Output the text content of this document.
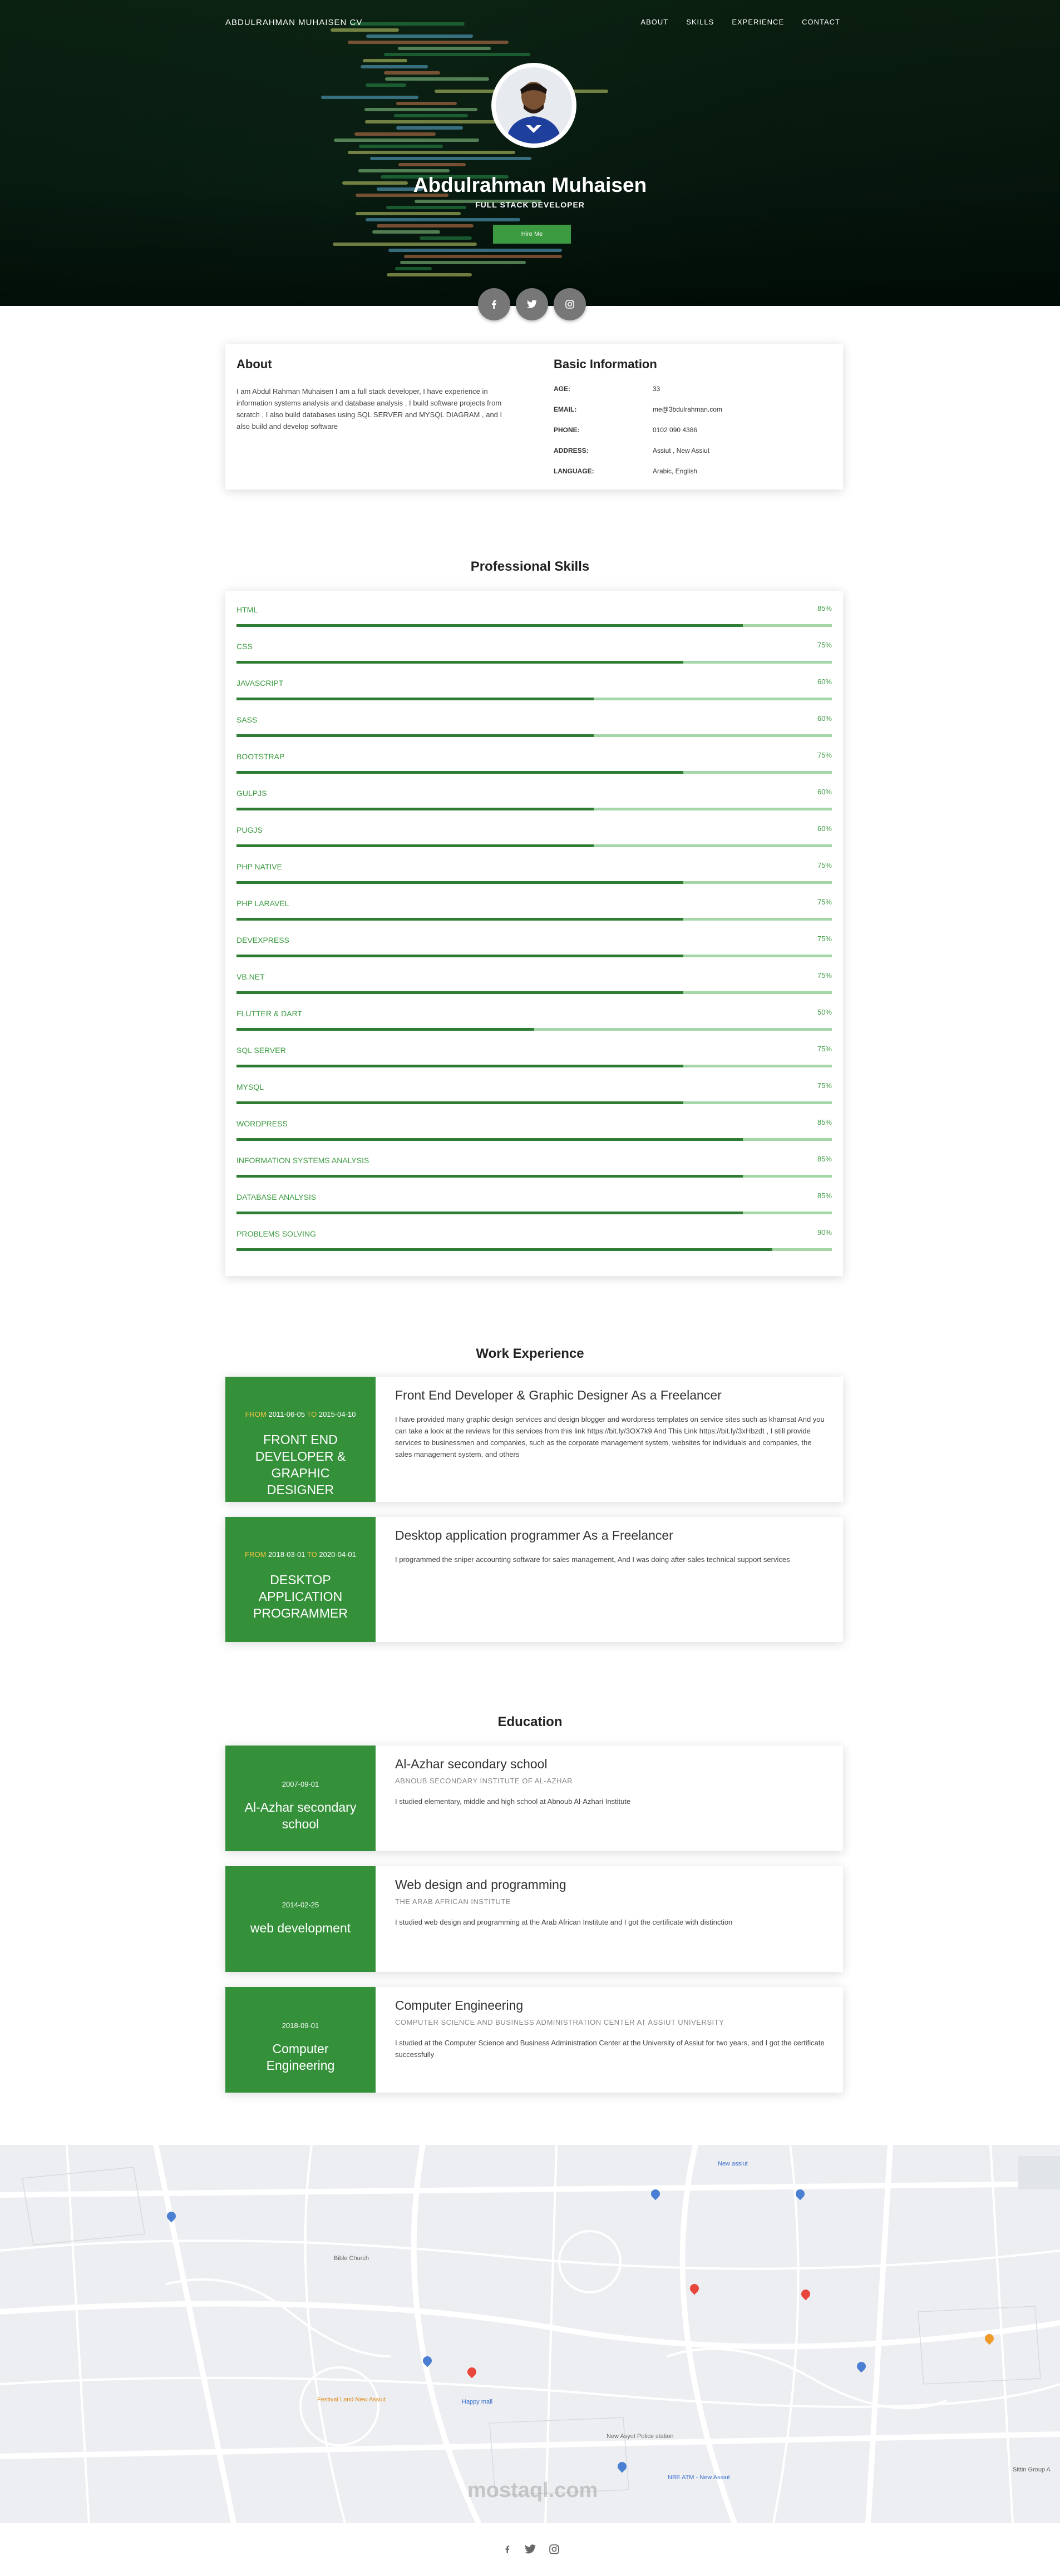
ABDULRAHMAN MUHAISEN CV	ABOUT SKILLS EXPERIENCE CONTACT
Abdulrahman Muhaisen
FULL STACK DEVELOPER
Hire Me
About
I am Abdul Rahman Muhaisen I am a full stack developer, I have experience in information systems analysis and database analysis , I build software projects from scratch , I also build databases using SQL SERVER and MYSQL DIAGRAM , and I also build and develop software
Basic Information
AGE:	33
EMAIL:	me@3bdulrahman.com
PHONE:	0102 090 4386
ADDRESS:	Assiut , New Assiut
LANGUAGE:	Arabic, English
Professional Skills
HTML	85%
CSS	75%
JAVASCRIPT	60%
SASS	60%
BOOTSTRAP	75%
GULPJS	60%
PUGJS	60%
PHP NATIVE	75%
PHP LARAVEL	75%
DEVEXPRESS	75%
VB.NET	75%
FLUTTER & DART	50%
SQL SERVER	75%
MYSQL	75%
WORDPRESS	85%
INFORMATION SYSTEMS ANALYSIS	85%
DATABASE ANALYSIS	85%
PROBLEMS SOLVING	90%
Work Experience
FROM 2011-06-05 TO 2015-04-10
FRONT END DEVELOPER & GRAPHIC DESIGNER
Front End Developer & Graphic Designer As a Freelancer
I have provided many graphic design services and design blogger and wordpress templates on service sites such as khamsat And you can take a look at the reviews for this services from this link https://bit.ly/3OX7k9 And This Link https://bit.ly/3xHbzdt , I still provide services to businessmen and companies, such as the corporate management system, websites for individuals and companies, the sales management system, and others
FROM 2018-03-01 TO 2020-04-01
DESKTOP APPLICATION PROGRAMMER
Desktop application programmer As a Freelancer
I programmed the sniper accounting software for sales management, And I was doing after-sales technical support services
Education
2007-09-01
Al-Azhar secondary school
Al-Azhar secondary school
ABNOUB SECONDARY INSTITUTE OF AL-AZHAR
I studied elementary, middle and high school at Abnoub Al-Azhari Institute
2014-02-25
web development
Web design and programming
THE ARAB AFRICAN INSTITUTE
I studied web design and programming at the Arab African Institute and I got the certificate with distinction
2018-09-01
Computer Engineering
Computer Engineering
COMPUTER SCIENCE AND BUSINESS ADMINISTRATION CENTER AT ASSIUT UNIVERSITY
I studied at the Computer Science and Business Administration Center at the University of Assiut for two years, and I got the certificate successfully
New assiut
Bible Church
Festival Land New Assiut	Happy mall
New Asyut Police station
NBE ATM - New Assiut
Sittin Group A
mostaql.com
